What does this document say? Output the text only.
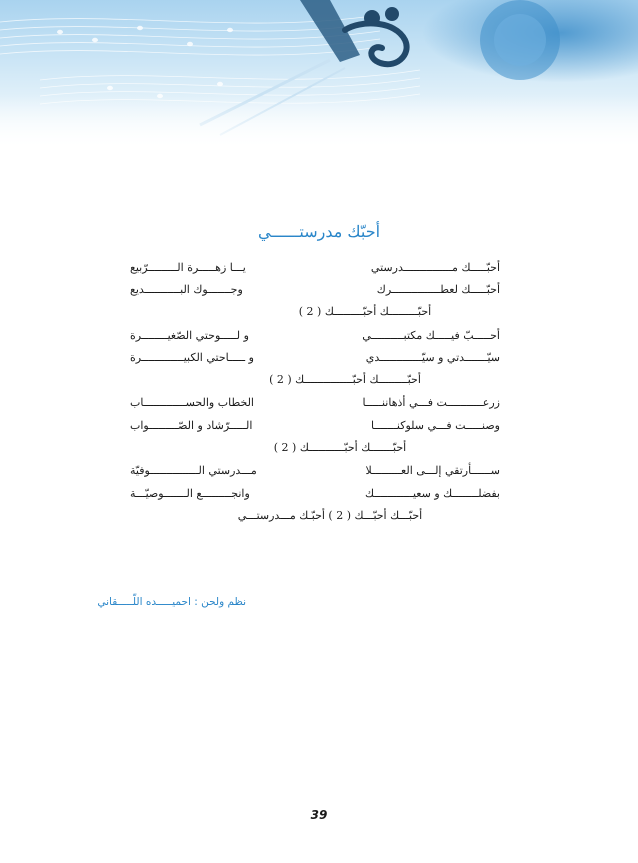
أحبّك مدرستــــــي
أحبّـــــك مـــــــــــــــدرستي
يـــا زهـــــرة الـــــــــرّبيع
أحبّـــــك لعطـــــــــــــــرك
وجـــــــوك البـــــــــــديع
أحبّـــــــــك أحبّـــــــــك ( 2 )
أحـــــبّ فيـــــك مكتبــــــــــي
و لـــــوحتي الصّغيــــــــرة
سيّـــــــدتي و سيّـــــــــــــدي
و ـــــاحتي الكبيـــــــــــــرة
أحبّـــــــــك أحبّـــــــــــــــك ( 2 )
زرعـــــــــــت فـــي أذهاننـــــا
الخطاب والحســـــــــــــاب
وصنـــــت فـــي سلوكنـــــــا
الـــــرّشاد و الصّـــــــــواب
أحبّـــــــك أحبّـــــــــــك ( 2 )
ســــــأرتقي إلـــى العـــــــــلا
مـــدرستي الـــــــــــــــوفيّة
بفضلــــــــك و سعيــــــــــــك
وانجـــــــــع الـــــــوصيّـــة
أحبّـــك أحبّـــك ( 2 ) أحبّـك مـــدرستـــي
نظم ولحن : احميـــــده اللّـــــقاني
39
